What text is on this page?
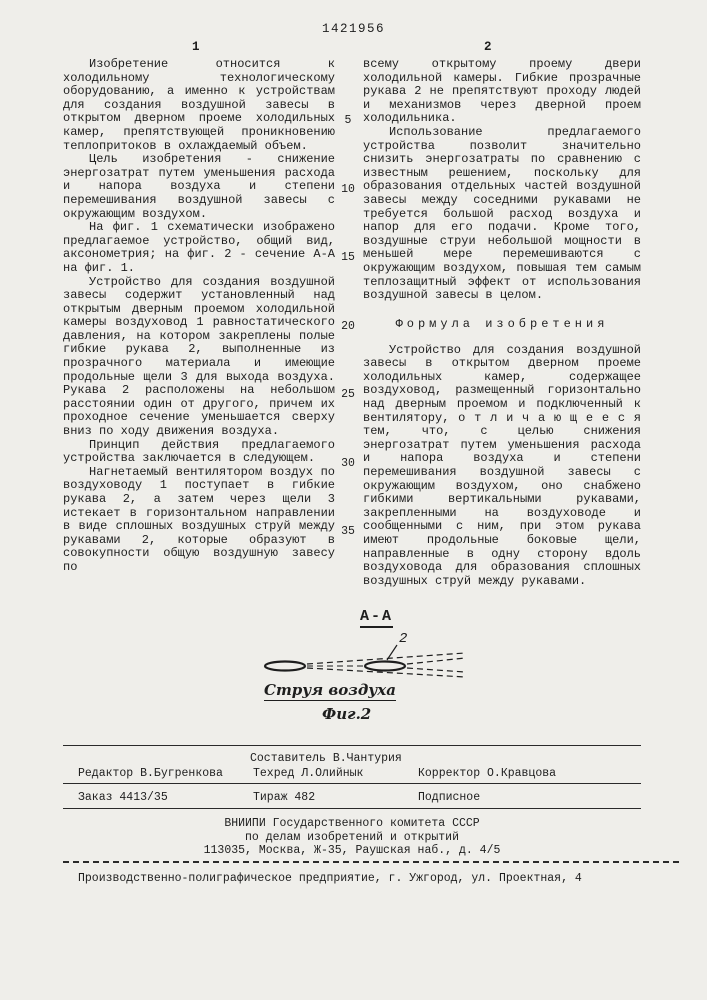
1421956
1	2

Изобретение относится к холодильному технологическому оборудованию, а именно к устройствам для создания воздушной завесы в открытом дверном проеме холодильных камер, препятствующей проникновению теплопритоков в охлаждаемый объем.

Цель изобретения - снижение энергозатрат путем уменьшения расхода и напора воздуха и степени перемешивания воздушной завесы с окружающим воздухом.

На фиг. 1 схематически изображено предлагаемое устройство, общий вид, аксонометрия; на фиг. 2 - сечение А-А на фиг. 1.

Устройство для создания воздушной завесы содержит установленный над открытым дверным проемом холодильной камеры воздуховод 1 равностатического давления, на котором закреплены полые гибкие рукава 2, выполненные из прозрачного материала и имеющие продольные щели 3 для выхода воздуха. Рукава 2 расположены на небольшом расстоянии один от другого, причем их проходное сечение уменьшается сверху вниз по ходу движения воздуха.

Принцип действия предлагаемого устройства заключается в следующем.

Нагнетаемый вентилятором воздух по воздуховоду 1 поступает в гибкие рукава 2, а затем через щели 3 истекает в горизонтальном направлении в виде сплошных воздушных струй между рукавами 2, которые образуют в совокупности общую воздушную завесу по

5
10
15
20
25
30
35

всему открытому проему двери холодильной камеры. Гибкие прозрачные рукава 2 не препятствуют проходу людей и механизмов через дверной проем холодильника.

Использование предлагаемого устройства позволит значительно снизить энергозатраты по сравнению с известным решением, поскольку для образования отдельных частей воздушной завесы между соседними рукавами не требуется большой расход воздуха и напор для его подачи. Кроме того, воздушные струи небольшой мощности в меньшей мере перемешиваются с окружающим воздухом, повышая тем самым теплозащитный эффект от использования воздушной завесы в целом.

Формула изобретения

Устройство для создания воздушной завесы в открытом дверном проеме холодильных камер, содержащее воздуховод, размещенный горизонтально над дверным проемом и подключенный к вентилятору, о т л и ч а ю щ е е с я тем, что, с целью снижения энергозатрат путем уменьшения расхода и напора воздуха и степени перемешивания воздушной завесы с окружающим воздухом, оно снабжено гибкими вертикальными рукавами, закрепленными на воздуховоде и сообщенными с ним, при этом рукава имеют продольные боковые щели, направленные в одну сторону вдоль воздуховода для образования сплошных воздушных струй между рукавами.

А-А
2
Струя воздуха
Фиг.2
Составитель В.Чантурия
Редактор В.Бугренкова	Техред Л.Олийнык	Корректор О.Кравцова
Заказ 4413/35	Тираж 482	Подписное
ВНИИПИ Государственного комитета СССР
по делам изобретений и открытий
113035, Москва, Ж-35, Раушская наб., д. 4/5
Производственно-полиграфическое предприятие, г. Ужгород, ул. Проектная, 4
